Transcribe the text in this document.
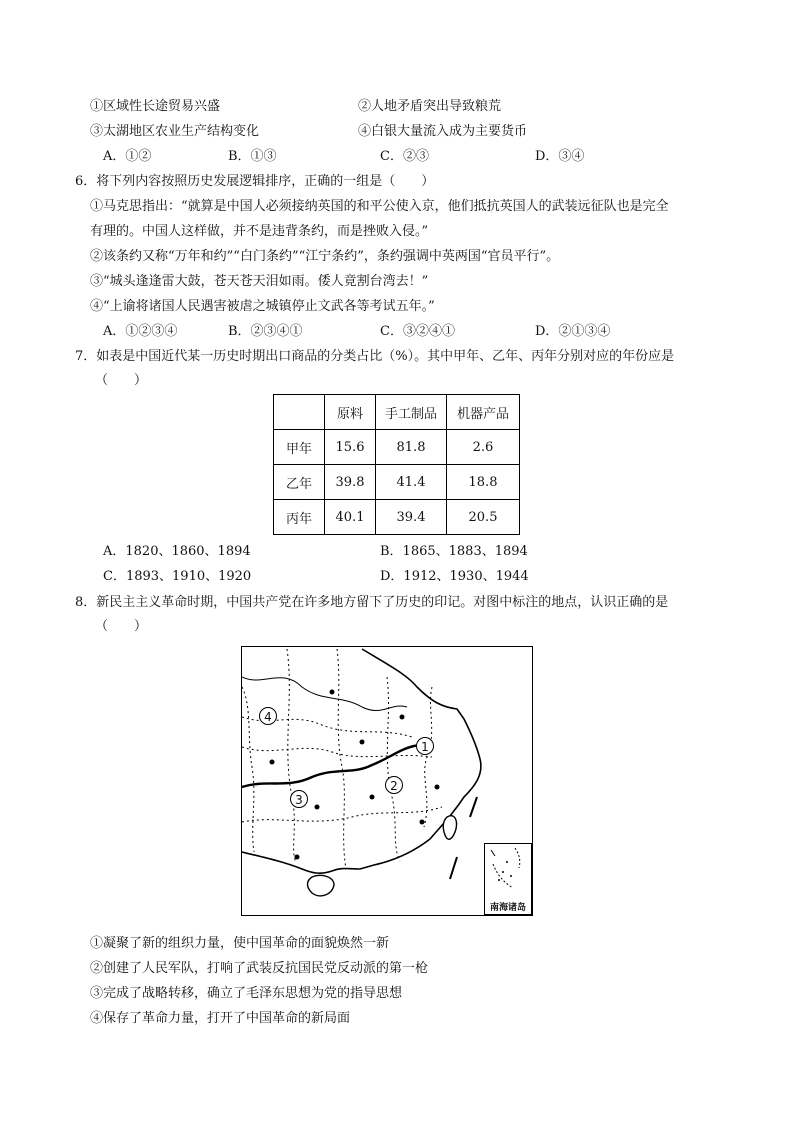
①区域性长途贸易兴盛	②人地矛盾突出导致粮荒
③太湖地区农业生产结构变化	④白银大量流入成为主要货币
A．①②	B．①③	C．②③	D．③④
6．将下列内容按照历史发展逻辑排序，正确的一组是（　　）
①马克思指出：“就算是中国人必须接纳英国的和平公使入京，他们抵抗英国人的武装远征队也是完全
有理的。中国人这样做，并不是违背条约，而是挫败入侵。”
②该条约又称“万年和约”“白门条约”“江宁条约”，条约强调中英两国“官员平行”。
③“城头逢逢雷大鼓，苍天苍天泪如雨。倭人竟割台湾去！”
④“上谕将诸国人民遇害被虐之城镇停止文武各等考试五年。”
A．①②③④	B．②③④①	C．③②④①	D．②①③④
7．如表是中国近代某一历史时期出口商品的分类占比（%）。其中甲年、乙年、丙年分别对应的年份应是
（　　）
	原料	手工制品	机器产品
甲年	15.6	81.8	2.6
乙年	39.8	41.4	18.8
丙年	40.1	39.4	20.5
A．1820、1860、1894	B．1865、1883、1894
C．1893、1910、1920	D．1912、1930、1944
8．新民主主义革命时期，中国共产党在许多地方留下了历史的印记。对图中标注的地点，认识正确的是
（　　）
1
2
3
4
南海诸岛
①凝聚了新的组织力量，使中国革命的面貌焕然一新
②创建了人民军队，打响了武装反抗国民党反动派的第一枪
③完成了战略转移，确立了毛泽东思想为党的指导思想
④保存了革命力量，打开了中国革命的新局面
